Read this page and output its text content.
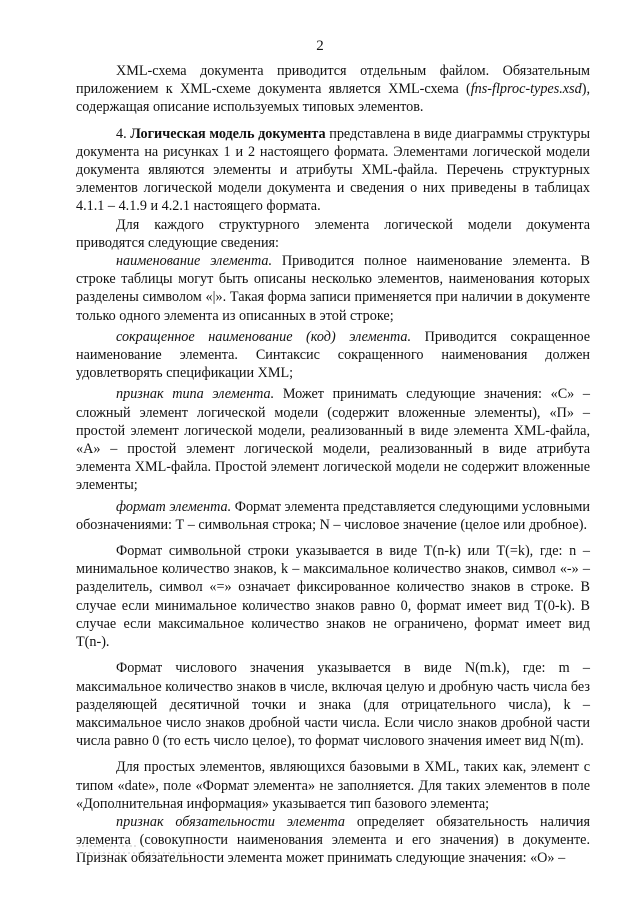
2

XML-схема документа приводится отдельным файлом. Обязательным приложением к XML-схеме документа является XML-схема (fns-flproc-types.xsd), содержащая описание используемых типовых элементов.

4. Логическая модель документа представлена в виде диаграммы структуры документа на рисунках 1 и 2 настоящего формата. Элементами логической модели документа являются элементы и атрибуты XML-файла. Перечень структурных элементов логической модели документа и сведения о них приведены в таблицах 4.1.1 – 4.1.9 и 4.2.1 настоящего формата.

Для каждого структурного элемента логической модели документа приводятся следующие сведения:

наименование элемента. Приводится полное наименование элемента. В строке таблицы могут быть описаны несколько элементов, наименования которых разделены символом «|». Такая форма записи применяется при наличии в документе только одного элемента из описанных в этой строке;

сокращенное наименование (код) элемента. Приводится сокращенное наименование элемента. Синтаксис сокращенного наименования должен удовлетворять спецификации XML;

признак типа элемента. Может принимать следующие значения: «С» – сложный элемент логической модели (содержит вложенные элементы), «П» – простой элемент логической модели, реализованный в виде элемента XML-файла, «А» – простой элемент логической модели, реализованный в виде атрибута элемента XML-файла. Простой элемент логической модели не содержит вложенные элементы;

формат элемента. Формат элемента представляется следующими условными обозначениями: Т – символьная строка; N – числовое значение (целое или дробное).

Формат символьной строки указывается в виде Т(n-k) или Т(=k), где: n – минимальное количество знаков, k – максимальное количество знаков, символ «-» – разделитель, символ «=» означает фиксированное количество знаков в строке. В случае если минимальное количество знаков равно 0, формат имеет вид Т(0-k). В случае если максимальное количество знаков не ограничено, формат имеет вид Т(n-).

Формат числового значения указывается в виде N(m.k), где: m – максимальное количество знаков в числе, включая целую и дробную часть числа без разделяющей десятичной точки и знака (для отрицательного числа), k – максимальное число знаков дробной части числа. Если число знаков дробной части числа равно 0 (то есть число целое), то формат числового значения имеет вид N(m).

Для простых элементов, являющихся базовыми в XML, таких как, элемент с типом «date», поле «Формат элемента» не заполняется. Для таких элементов в поле «Дополнительная информация» указывается тип базового элемента;

признак обязательности элемента определяет обязательность наличия элемента (совокупности наименования элемента и его значения) в документе. Признак обязательности элемента может принимать следующие значения: «О» –
